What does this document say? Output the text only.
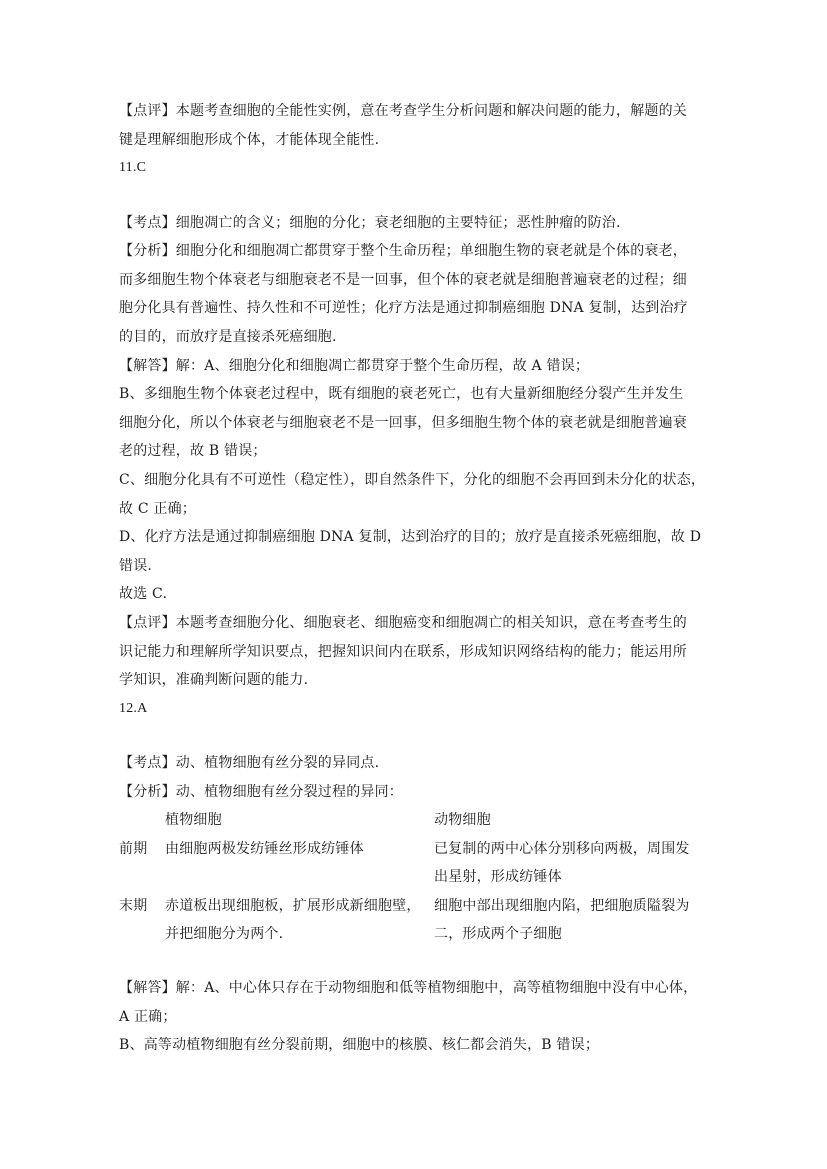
【点评】本题考查细胞的全能性实例，意在考查学生分析问题和解决问题的能力，解题的关
键是理解细胞形成个体，才能体现全能性.
11.C
【考点】细胞凋亡的含义；细胞的分化；衰老细胞的主要特征；恶性肿瘤的防治.
【分析】细胞分化和细胞凋亡都贯穿于整个生命历程；单细胞生物的衰老就是个体的衰老，
而多细胞生物个体衰老与细胞衰老不是一回事，但个体的衰老就是细胞普遍衰老的过程；细
胞分化具有普遍性、持久性和不可逆性；化疗方法是通过抑制癌细胞 DNA 复制，达到治疗
的目的，而放疗是直接杀死癌细胞.
【解答】解：A、细胞分化和细胞凋亡都贯穿于整个生命历程，故 A 错误；
B、多细胞生物个体衰老过程中，既有细胞的衰老死亡，也有大量新细胞经分裂产生并发生
细胞分化，所以个体衰老与细胞衰老不是一回事，但多细胞生物个体的衰老就是细胞普遍衰
老的过程，故 B 错误；
C、细胞分化具有不可逆性（稳定性），即自然条件下，分化的细胞不会再回到未分化的状态，
故 C 正确；
D、化疗方法是通过抑制癌细胞 DNA 复制，达到治疗的目的；放疗是直接杀死癌细胞，故 D
错误.
故选 C.
【点评】本题考查细胞分化、细胞衰老、细胞癌变和细胞凋亡的相关知识，意在考查考生的
识记能力和理解所学知识要点，把握知识间内在联系，形成知识网络结构的能力；能运用所
学知识，准确判断问题的能力.
12.A
【考点】动、植物细胞有丝分裂的异同点.
【分析】动、植物细胞有丝分裂过程的异同：
植物细胞	动物细胞
前期 由细胞两极发纺锤丝形成纺锤体	已复制的两中心体分别移向两极，周围发
出星射，形成纺锤体
末期 赤道板出现细胞板，扩展形成新细胞壁，
并把细胞分为两个.
细胞中部出现细胞内陷，把细胞质隘裂为
二，形成两个子细胞
【解答】解：A、中心体只存在于动物细胞和低等植物细胞中，高等植物细胞中没有中心体，
A 正确；
B、高等动植物细胞有丝分裂前期，细胞中的核膜、核仁都会消失，B 错误；
